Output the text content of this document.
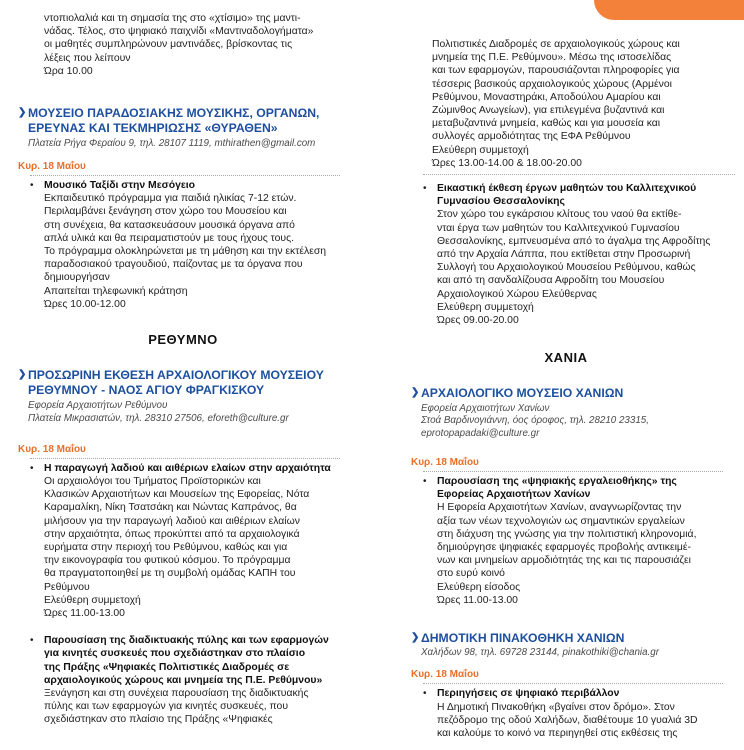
ντοπιολαλιά και τη σημασία της στο «χτίσιμο» της μαντι-
νάδας. Τέλος, στο ψηφιακό παιχνίδι «Μαντιναδολογήματα»
οι μαθητές συμπληρώνουν μαντινάδες, βρίσκοντας τις
λέξεις που λείπουν
Ώρα 10.00
❯ ΜΟΥΣΕΙΟ ΠΑΡΑΔΟΣΙΑΚΗΣ ΜΟΥΣΙΚΗΣ, ΟΡΓΑΝΩΝ,
ΕΡΕΥΝΑΣ ΚΑΙ ΤΕΚΜΗΡΙΩΣΗΣ «ΘΥΡΑΘΕΝ»
Πλατεία Ρήγα Φεραίου 9, τηλ. 28107 1119, mthirathen@gmail.com
Κυρ. 18 Μαΐου
•	Μουσικό Ταξίδι στην Μεσόγειο
Εκπαιδευτικό πρόγραμμα για παιδιά ηλικίας 7-12 ετών.
Περιλαμβάνει ξενάγηση στον χώρο του Μουσείου και
στη συνέχεια, θα κατασκευάσουν μουσικά όργανα από
απλά υλικά και θα πειραματιστούν με τους ήχους τους.
Το πρόγραμμα ολοκληρώνεται με τη μάθηση και την εκτέλεση
παραδοσιακού τραγουδιού, παίζοντας με τα όργανα που
δημιουργήσαν
Απαιτείται τηλεφωνική κράτηση
Ώρες 10.00-12.00
ΡΕΘΥΜΝΟ
❯ ΠΡΟΣΩΡΙΝΗ ΕΚΘΕΣΗ ΑΡΧΑΙΟΛΟΓΙΚΟΥ ΜΟΥΣΕΙΟΥ
ΡΕΘΥΜΝΟΥ - ΝΑΟΣ ΑΓΙΟΥ ΦΡΑΓΚΙΣΚΟΥ
Εφορεία Αρχαιοτήτων Ρεθύμνου
Πλατεία Μικρασιατών, τηλ. 28310 27506, eforeth@culture.gr
Κυρ. 18 Μαΐου
•	Η παραγωγή λαδιού και αιθέριων ελαίων στην αρχαιότητα
Οι αρχαιολόγοι του Τμήματος Προϊστορικών και
Κλασικών Αρχαιοτήτων και Μουσείων της Εφορείας, Νότα
Καραμαλίκη, Νίκη Τσατσάκη και Νώντας Καπράνος, θα
μιλήσουν για την παραγωγή λαδιού και αιθέριων ελαίων
στην αρχαιότητα, όπως προκύπτει από τα αρχαιολογικά
ευρήματα στην περιοχή του Ρεθύμνου, καθώς και για
την εικονογραφία του φυτικού κόσμου. Το πρόγραμμα
θα πραγματοποιηθεί με τη συμβολή ομάδας ΚΑΠΗ του
Ρεθύμνου
Ελεύθερη συμμετοχή
Ώρες 11.00-13.00
•	Παρουσίαση της διαδικτυακής πύλης και των εφαρμογών
για κινητές συσκευές που σχεδιάστηκαν στο πλαίσιο
της Πράξης «Ψηφιακές Πολιτιστικές Διαδρομές σε
αρχαιολογικούς χώρους και μνημεία της Π.Ε. Ρεθύμνου»
Ξενάγηση και στη συνέχεια παρουσίαση της διαδικτυακής
πύλης και των εφαρμογών για κινητές συσκευές, που
σχεδιάστηκαν στο πλαίσιο της Πράξης «Ψηφιακές
Πολιτιστικές Διαδρομές σε αρχαιολογικούς χώρους και
μνημεία της Π.Ε. Ρεθύμνου». Μέσω της ιστοσελίδας
και των εφαρμογών, παρουσιάζονται πληροφορίες για
τέσσερις βασικούς αρχαιολογικούς χώρους (Αρμένοι
Ρεθύμνου, Μοναστηράκι, Αποδούλου Αμαρίου και
Ζώμινθος Ανωγείων), για επιλεγμένα βυζαντινά και
μεταβυζαντινά μνημεία, καθώς και για μουσεία και
συλλογές αρμοδιότητας της ΕΦΑ Ρεθύμνου
Ελεύθερη συμμετοχή
Ώρες 13.00-14.00 & 18.00-20.00
•	Εικαστική έκθεση έργων μαθητών του Καλλιτεχνικού
Γυμνασίου Θεσσαλονίκης
Στον χώρο του εγκάρσιου κλίτους του ναού θα εκτίθε-
νται έργα των μαθητών του Καλλιτεχνικού Γυμνασίου
Θεσσαλονίκης, εμπνευσμένα από το άγαλμα της Αφροδίτης
από την Αρχαία Λάππα, που εκτίθεται στην Προσωρινή
Συλλογή του Αρχαιολογικού Μουσείου Ρεθύμνου, καθώς
και από τη σανδαλίζουσα Αφροδίτη του Μουσείου
Αρχαιολογικού Χώρου Ελεύθερνας
Ελεύθερη συμμετοχή
Ώρες 09.00-20.00
ΧΑΝΙΑ
❯ ΑΡΧΑΙΟΛΟΓΙΚΟ ΜΟΥΣΕΙΟ ΧΑΝΙΩΝ
Εφορεία Αρχαιοτήτων Χανίων
Στοά Βαρδινογιάννη, όος όροφος, τηλ. 28210 23315,
eprotopapadaki@culture.gr
Κυρ. 18 Μαΐου
•	Παρουσίαση της «ψηφιακής εργαλειοθήκης» της
Εφορείας Αρχαιοτήτων Χανίων
Η Εφορεία Αρχαιοτήτων Χανίων, αναγνωρίζοντας την
αξία των νέων τεχνολογιών ως σημαντικών εργαλείων
στη διάχυση της γνώσης για την πολιτιστική κληρονομιά,
δημιούργησε ψηφιακές εφαρμογές προβολής αντικειμέ-
νων και μνημείων αρμοδιότητάς της και τις παρουσιάζει
στο ευρύ κοινό
Ελεύθερη είσοδος
Ώρες 11.00-13.00
❯ ΔΗΜΟΤΙΚΗ ΠΙΝΑΚΟΘΗΚΗ ΧΑΝΙΩΝ
Χαλήδων 98, τηλ. 69728 23144, pinakothiki@chania.gr
Κυρ. 18 Μαΐου
•	Περιηγήσεις σε ψηφιακό περιβάλλον
Η Δημοτική Πινακοθήκη «βγαίνει στον δρόμο». Στον
πεζόδρομο της οδού Χαλήδων, διαθέτουμε 10 γυαλιά 3D
και καλούμε το κοινό να περιηγηθεί στις εκθέσεις της
